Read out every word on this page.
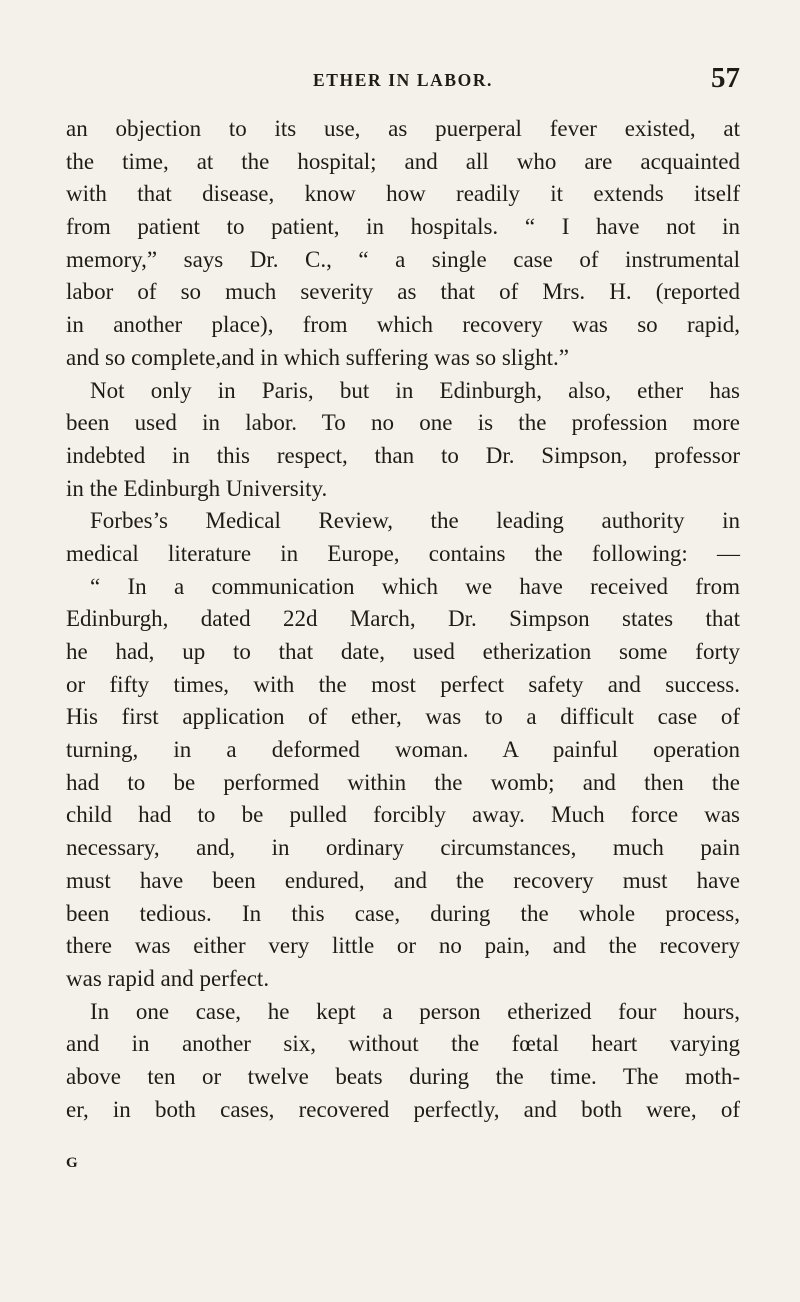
ETHER IN LABOR.	57
an objection to its use, as puerperal fever existed, at
the time, at the hospital; and all who are acquainted
with that disease, know how readily it extends itself
from patient to patient, in hospitals. “ I have not in
memory,” says Dr. C., “ a single case of instrumental
labor of so much severity as that of Mrs. H. (reported
in another place), from which recovery was so rapid,
and so complete,and in which suffering was so slight.”
Not only in Paris, but in Edinburgh, also, ether has
been used in labor. To no one is the profession more
indebted in this respect, than to Dr. Simpson, professor
in the Edinburgh University.
Forbes’s Medical Review, the leading authority in
medical literature in Europe, contains the following: —
“ In a communication which we have received from
Edinburgh, dated 22d March, Dr. Simpson states that
he had, up to that date, used etherization some forty
or fifty times, with the most perfect safety and success.
His first application of ether, was to a difficult case of
turning, in a deformed woman. A painful operation
had to be performed within the womb; and then the
child had to be pulled forcibly away. Much force was
necessary, and, in ordinary circumstances, much pain
must have been endured, and the recovery must have
been tedious. In this case, during the whole process,
there was either very little or no pain, and the recovery
was rapid and perfect.
In one case, he kept a person etherized four hours,
and in another six, without the fœtal heart varying
above ten or twelve beats during the time. The moth-
er, in both cases, recovered perfectly, and both were, of
G
